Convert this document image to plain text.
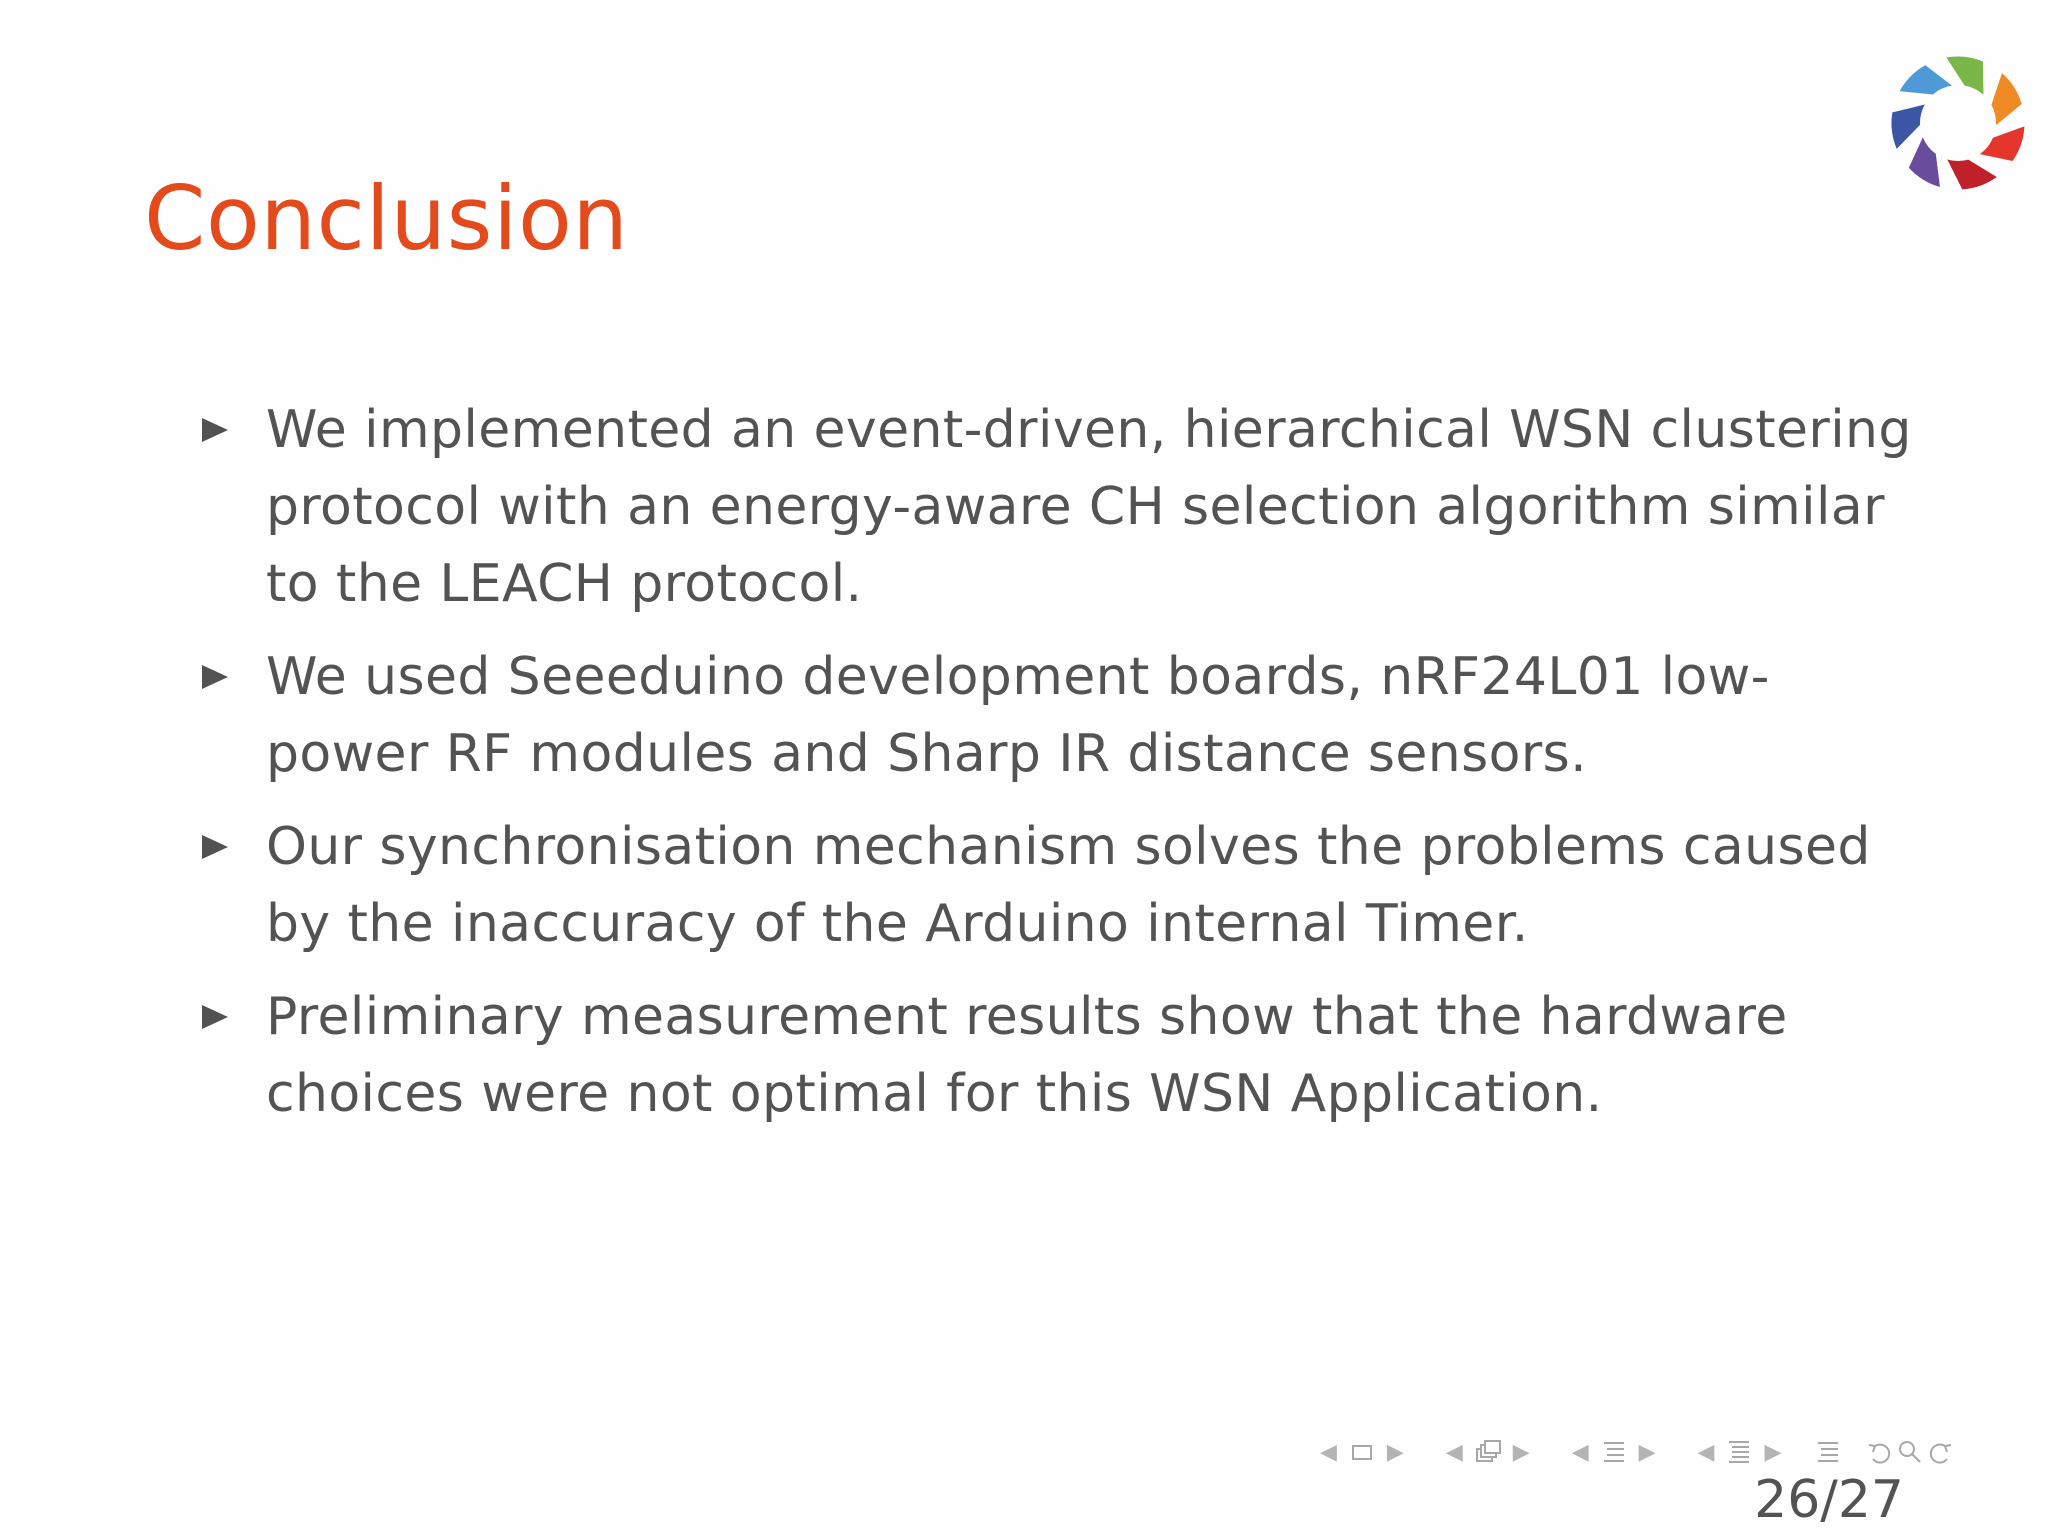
Conclusion
We implemented an event-driven, hierarchical WSN clustering protocol with an energy-aware CH selection algorithm similar to the LEACH protocol.
We used Seeeduino development boards, nRF24L01 low-power RF modules and Sharp IR distance sensors.
Our synchronisation mechanism solves the problems caused by the inaccuracy of the Arduino internal Timer.
Preliminary measurement results show that the hardware choices were not optimal for this WSN Application.
◀	▶	◀	▶	◀	▶	◀	▶
26/27
